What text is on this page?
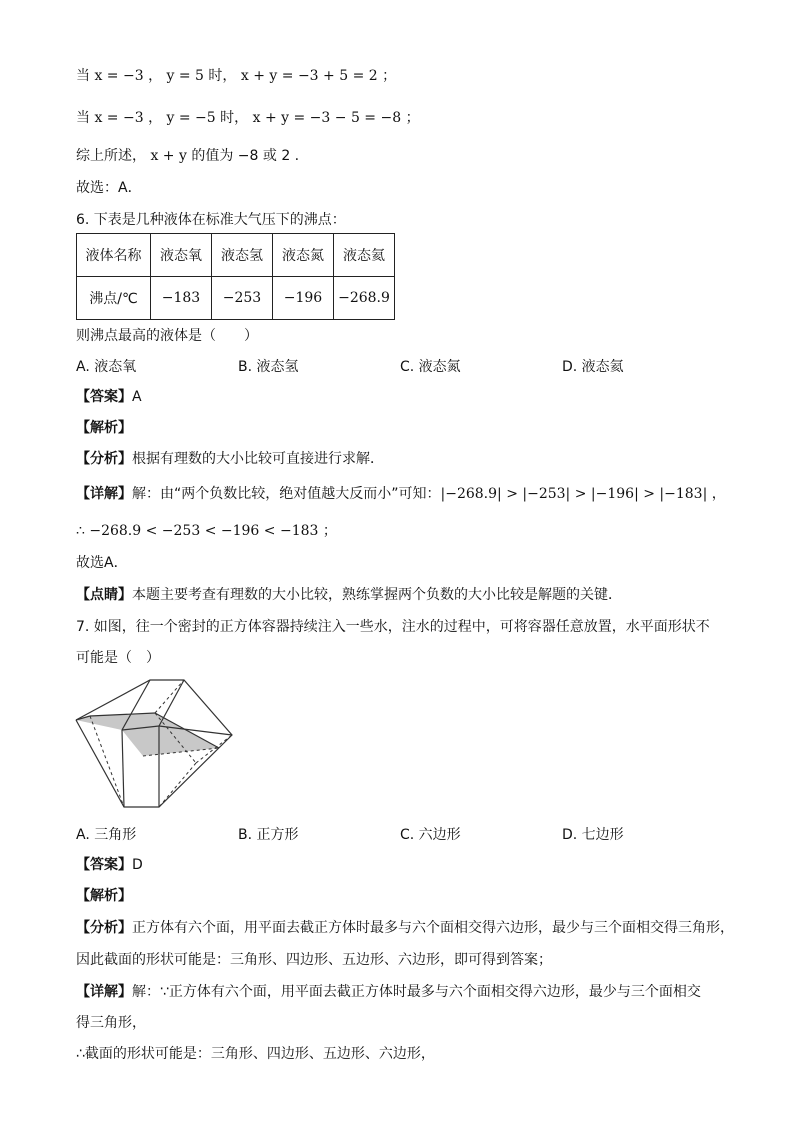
当 x = −3 ， y = 5 时， x + y = −3 + 5 = 2 ；
当 x = −3 ， y = −5 时， x + y = −3 − 5 = −8 ；
综上所述， x + y 的值为 −8 或 2 .
故选：A．
6. 下表是几种液体在标准大气压下的沸点：
液体名称	液态氧	液态氢	液态氮	液态氦
沸点/℃	−183	−253	−196	−268.9
则沸点最高的液体是（　　）
A. 液态氧	B. 液态氢	C. 液态氮	D. 液态氦
【答案】A
【解析】
【分析】根据有理数的大小比较可直接进行求解．
【详解】解：由“两个负数比较，绝对值越大反而小”可知：|−268.9| > |−253| > |−196| > |−183| ，
∴ −268.9 < −253 < −196 < −183 ；
故选A．
【点睛】本题主要考查有理数的大小比较，熟练掌握两个负数的大小比较是解题的关键．
7. 如图，往一个密封的正方体容器持续注入一些水，注水的过程中，可将容器任意放置，水平面形状不
可能是（　）
A. 三角形	B. 正方形	C. 六边形	D. 七边形
【答案】D
【解析】
【分析】正方体有六个面，用平面去截正方体时最多与六个面相交得六边形，最少与三个面相交得三角形，
因此截面的形状可能是：三角形、四边形、五边形、六边形，即可得到答案；
【详解】解：∵正方体有六个面，用平面去截正方体时最多与六个面相交得六边形，最少与三个面相交
得三角形，
∴截面的形状可能是：三角形、四边形、五边形、六边形，
